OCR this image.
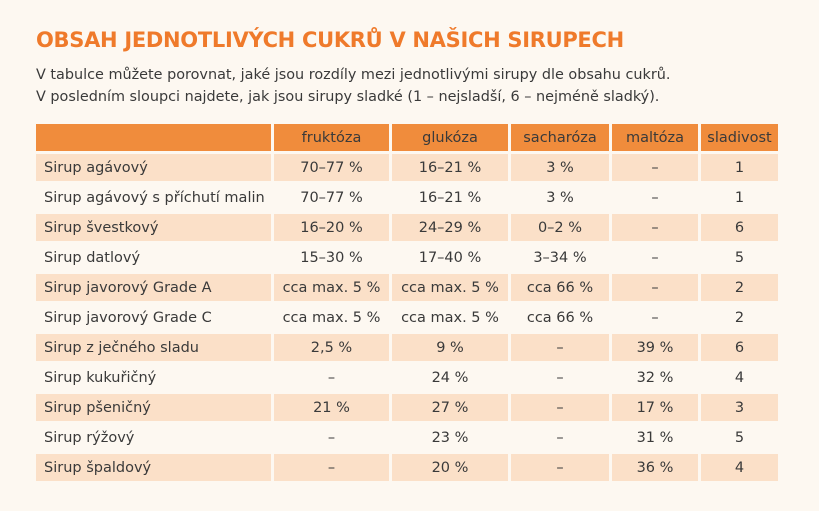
OBSAH JEDNOTLIVÝCH CUKRŮ V NAŠICH SIRUPECH
V tabulce můžete porovnat, jaké jsou rozdíly mezi jednotlivými sirupy dle obsahu cukrů.
V posledním sloupci najdete, jak jsou sirupy sladké (1 – nejsladší, 6 – nejméně sladký).
	fruktóza	glukóza	sacharóza	maltóza	sladivost
Sirup agávový	70–77 %	16–21 %	3 %	–	1
Sirup agávový s příchutí malin	70–77 %	16–21 %	3 %	–	1
Sirup švestkový	16–20 %	24–29 %	0–2 %	–	6
Sirup datlový	15–30 %	17–40 %	3–34 %	–	5
Sirup javorový Grade A	cca max. 5 %	cca max. 5 %	cca 66 %	–	2
Sirup javorový Grade C	cca max. 5 %	cca max. 5 %	cca 66 %	–	2
Sirup z ječného sladu	2,5 %	9 %	–	39 %	6
Sirup kukuřičný	–	24 %	–	32 %	4
Sirup pšeničný	21 %	27 %	–	17 %	3
Sirup rýžový	–	23 %	–	31 %	5
Sirup špaldový	–	20 %	–	36 %	4
